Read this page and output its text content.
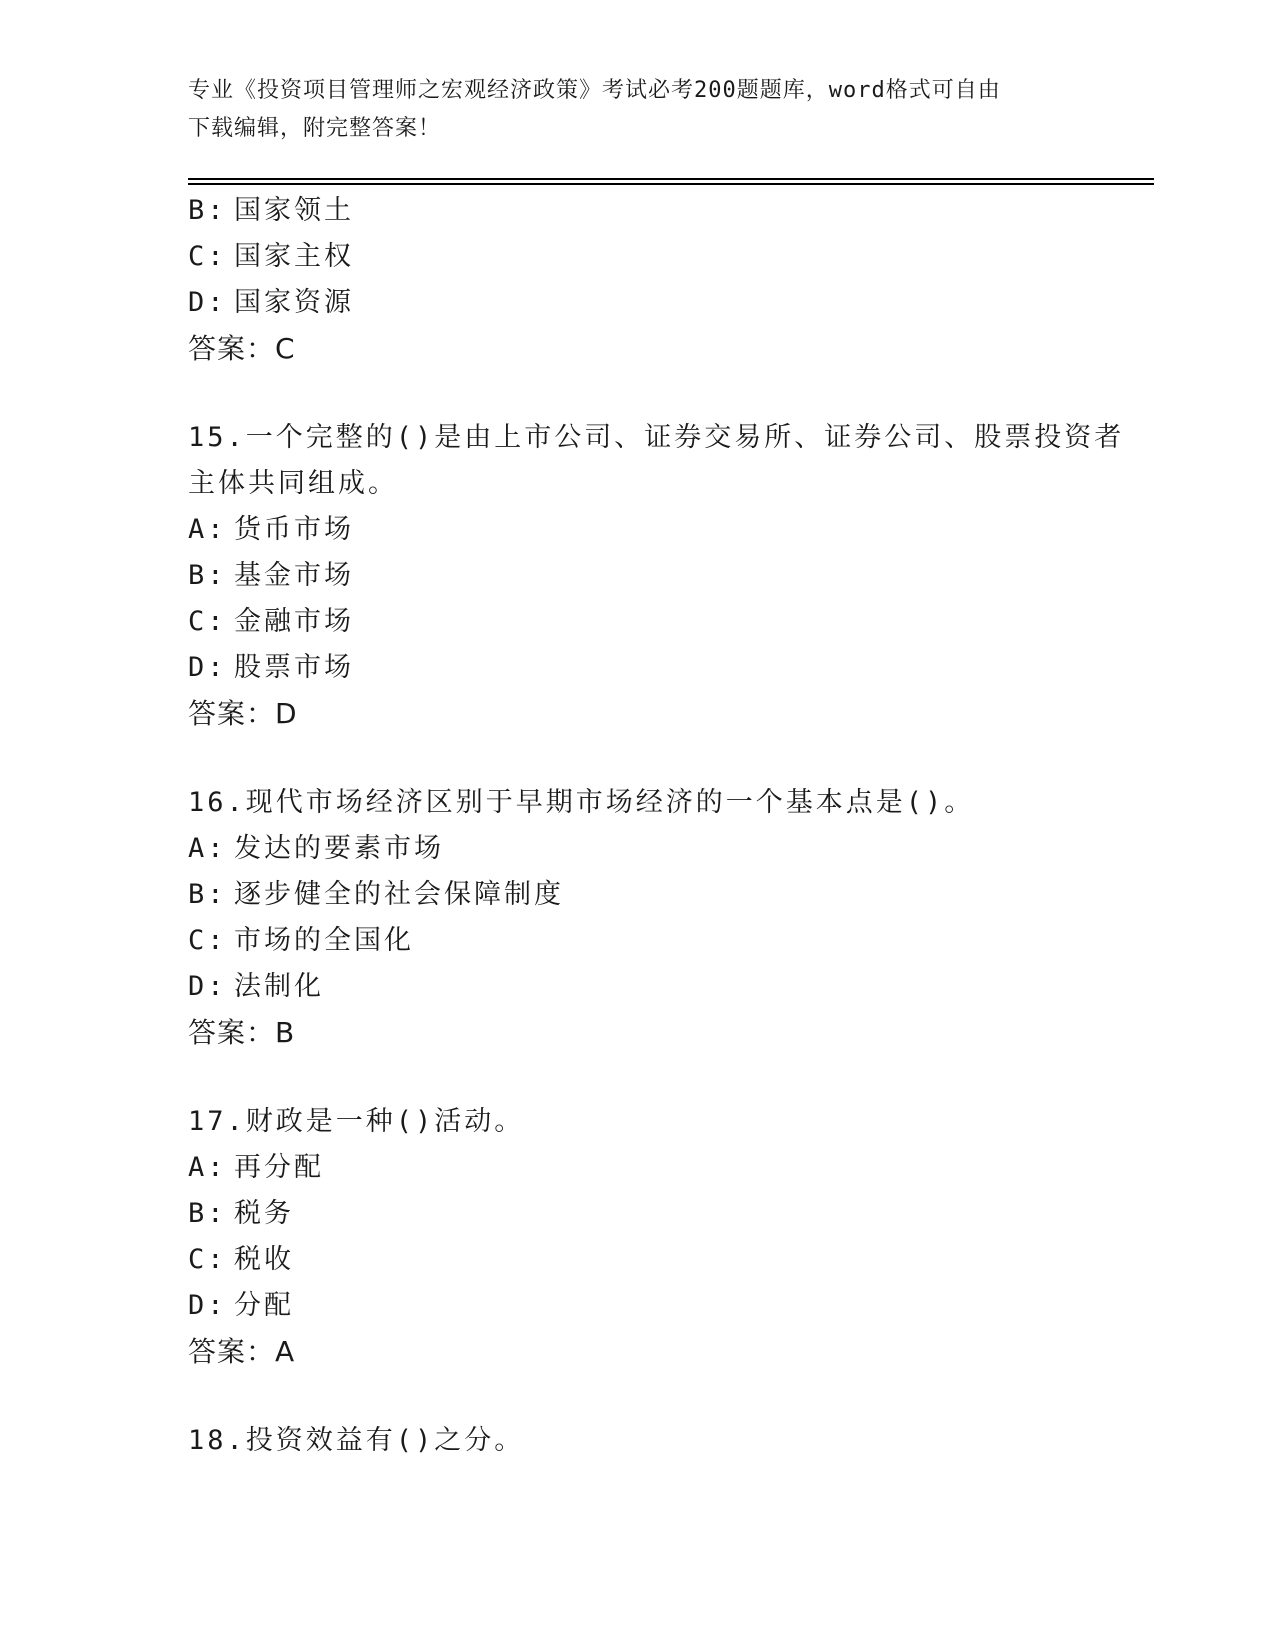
专业《投资项目管理师之宏观经济政策》考试必考200题题库，word格式可自由
下载编辑，附完整答案！
B: 国家领土
C: 国家主权
D: 国家资源
答案：C
15.一个完整的()是由上市公司、证券交易所、证券公司、股票投资者
主体共同组成。
A: 货币市场
B: 基金市场
C: 金融市场
D: 股票市场
答案：D
16.现代市场经济区别于早期市场经济的一个基本点是()。
A: 发达的要素市场
B: 逐步健全的社会保障制度
C: 市场的全国化
D: 法制化
答案：B
17.财政是一种()活动。
A: 再分配
B: 税务
C: 税收
D: 分配
答案：A
18.投资效益有()之分。
